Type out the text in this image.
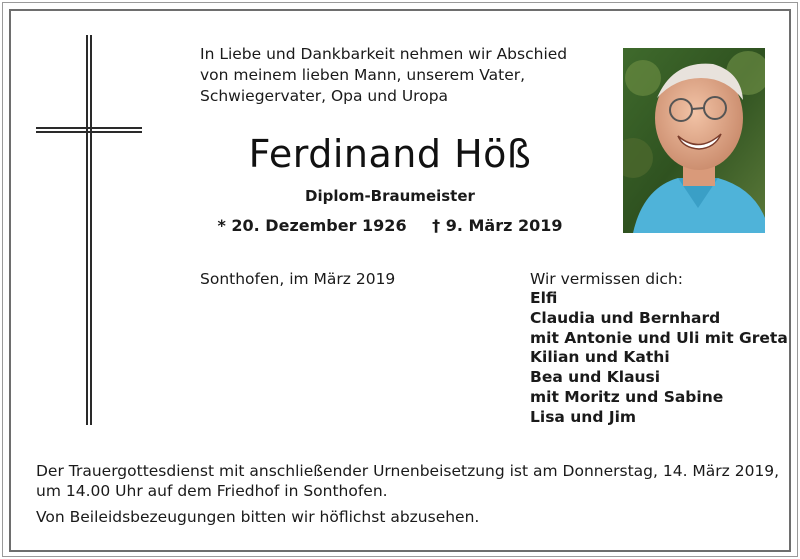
In Liebe und Dankbarkeit nehmen wir Abschied
von meinem lieben Mann, unserem Vater,
Schwiegervater, Opa und Uropa
Ferdinand Höß
Diplom-Braumeister
* 20. Dezember 1926 † 9. März 2019
Sonthofen, im März 2019	Wir vermissen dich:
Elfi
Claudia und Bernhard
mit Antonie und Uli mit Greta
Kilian und Kathi
Bea und Klausi
mit Moritz und Sabine
Lisa und Jim
Der Trauergottesdienst mit anschließender Urnenbeisetzung ist am Donnerstag, 14. März 2019,
um 14.00 Uhr auf dem Friedhof in Sonthofen.
Von Beileidsbezeugungen bitten wir höflichst abzusehen.
